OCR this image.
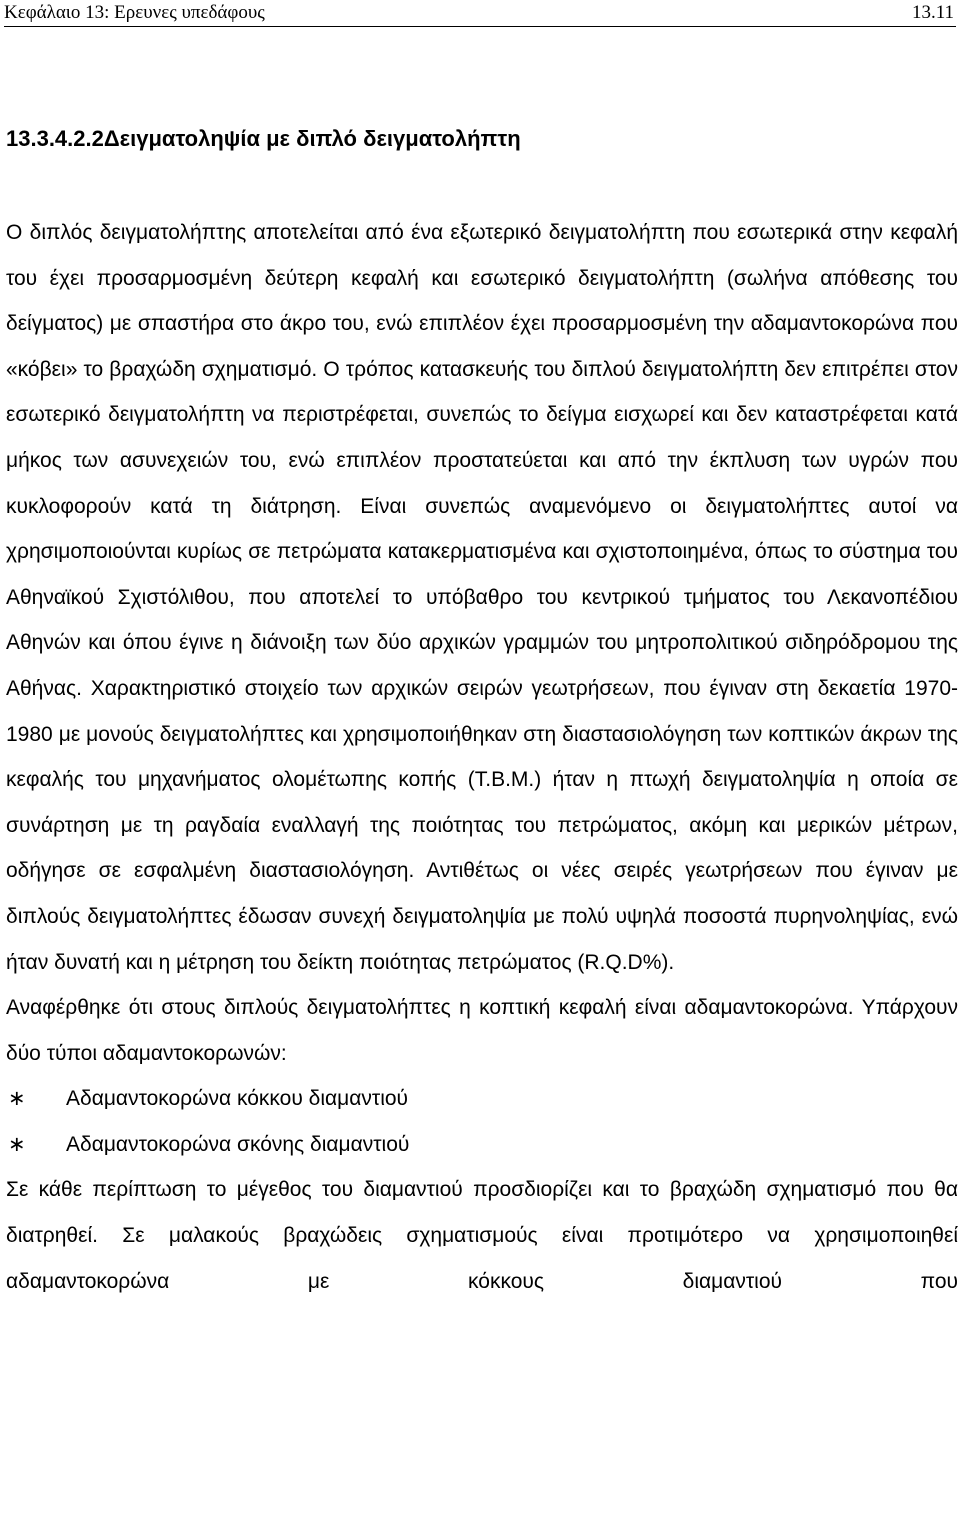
Κεφάλαιο 13: Ερευνες υπεδάφους	13.11
13.3.4.2.2Δειγματοληψία με διπλό δειγματολήπτη

Ο διπλός δειγματολήπτης αποτελείται από ένα εξωτερικό δειγματολήπτη που εσωτερικά στην κεφαλή του έχει προσαρμοσμένη δεύτερη κεφαλή και εσωτερικό δειγματολήπτη (σωλήνα απόθεσης του δείγματος) με σπαστήρα στο άκρο του, ενώ επιπλέον έχει προσαρμοσμένη την αδαμαντοκορώνα που «κόβει» το βραχώδη σχηματισμό. Ο τρόπος κατασκευής του διπλού δειγματολήπτη δεν επιτρέπει στον εσωτερικό δειγματολήπτη να περιστρέφεται, συνεπώς το δείγμα εισχωρεί και δεν καταστρέφεται κατά μήκος των ασυνεχειών του, ενώ επιπλέον προστατεύεται και από την έκπλυση των υγρών που κυκλοφορούν κατά τη διάτρηση. Είναι συνεπώς αναμενόμενο οι δειγματολήπτες αυτοί να χρησιμοποιούνται κυρίως σε πετρώματα κατακερματισμένα και σχιστοποιημένα, όπως το σύστημα του Αθηναϊκού Σχιστόλιθου, που αποτελεί το υπόβαθρο του κεντρικού τμήματος του Λεκανοπέδιου Αθηνών και όπου έγινε η διάνοιξη των δύο αρχικών γραμμών του μητροπολιτικού σιδηρόδρομου της Αθήνας. Χαρακτηριστικό στοιχείο των αρχικών σειρών γεωτρήσεων, που έγιναν στη δεκαετία 1970-1980 με μονούς δειγματολήπτες και χρησιμοποιήθηκαν στη διαστασιολόγηση των κοπτικών άκρων της κεφαλής του μηχανήματος ολομέτωπης κοπής (Τ.Β.Μ.) ήταν η πτωχή δειγματοληψία η οποία σε συνάρτηση με τη ραγδαία εναλλαγή της ποιότητας του πετρώματος, ακόμη και μερικών μέτρων, οδήγησε σε εσφαλμένη διαστασιολόγηση. Αντιθέτως οι νέες σειρές γεωτρήσεων που έγιναν με διπλούς δειγματολήπτες έδωσαν συνεχή δειγματοληψία με πολύ υψηλά ποσοστά πυρηνοληψίας, ενώ ήταν δυνατή και η μέτρηση του δείκτη ποιότητας πετρώματος (R.Q.D%).

Αναφέρθηκε ότι στους διπλούς δειγματολήπτες η κοπτική κεφαλή είναι αδαμαντοκορώνα. Υπάρχουν δύο τύποι αδαμαντοκορωνών:

∗ Αδαμαντοκορώνα κόκκου διαμαντιού
∗ Αδαμαντοκορώνα σκόνης διαμαντιού

Σε κάθε περίπτωση το μέγεθος του διαμαντιού προσδιορίζει και το βραχώδη σχηματισμό που θα διατρηθεί. Σε μαλακούς βραχώδεις σχηματισμούς είναι προτιμότερο να χρησιμοποιηθεί αδαμαντοκορώνα με κόκκους διαμαντιού που
